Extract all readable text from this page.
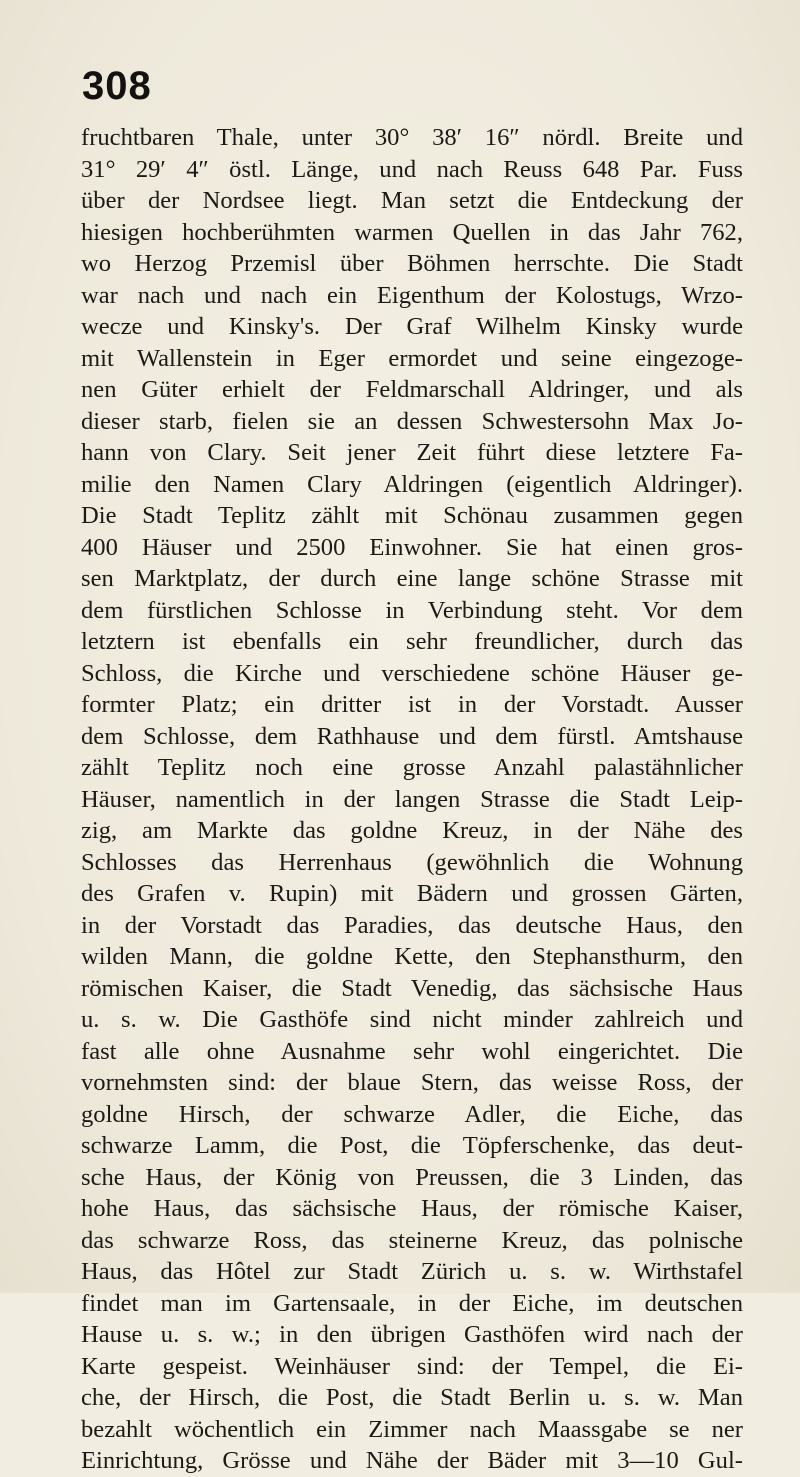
308
fruchtbaren Thale, unter 30° 38′ 16″ nördl. Breite und
31° 29′ 4″ östl. Länge, und nach Reuss 648 Par. Fuss
über der Nordsee liegt. Man setzt die Entdeckung der
hiesigen hochberühmten warmen Quellen in das Jahr 762,
wo Herzog Przemisl über Böhmen herrschte. Die Stadt
war nach und nach ein Eigenthum der Kolostugs, Wrzo-
wecze und Kinsky's. Der Graf Wilhelm Kinsky wurde
mit Wallenstein in Eger ermordet und seine eingezoge-
nen Güter erhielt der Feldmarschall Aldringer, und als
dieser starb, fielen sie an dessen Schwestersohn Max Jo-
hann von Clary. Seit jener Zeit führt diese letztere Fa-
milie den Namen Clary Aldringen (eigentlich Aldringer).
Die Stadt Teplitz zählt mit Schönau zusammen gegen
400 Häuser und 2500 Einwohner. Sie hat einen gros-
sen Marktplatz, der durch eine lange schöne Strasse mit
dem fürstlichen Schlosse in Verbindung steht. Vor dem
letztern ist ebenfalls ein sehr freundlicher, durch das
Schloss, die Kirche und verschiedene schöne Häuser ge-
formter Platz; ein dritter ist in der Vorstadt. Ausser
dem Schlosse, dem Rathhause und dem fürstl. Amtshause
zählt Teplitz noch eine grosse Anzahl palastähnlicher
Häuser, namentlich in der langen Strasse die Stadt Leip-
zig, am Markte das goldne Kreuz, in der Nähe des
Schlosses das Herrenhaus (gewöhnlich die Wohnung
des Grafen v. Rupin) mit Bädern und grossen Gärten,
in der Vorstadt das Paradies, das deutsche Haus, den
wilden Mann, die goldne Kette, den Stephansthurm, den
römischen Kaiser, die Stadt Venedig, das sächsische Haus
u. s. w. Die Gasthöfe sind nicht minder zahlreich und
fast alle ohne Ausnahme sehr wohl eingerichtet. Die
vornehmsten sind: der blaue Stern, das weisse Ross, der
goldne Hirsch, der schwarze Adler, die Eiche, das
schwarze Lamm, die Post, die Töpferschenke, das deut-
sche Haus, der König von Preussen, die 3 Linden, das
hohe Haus, das sächsische Haus, der römische Kaiser,
das schwarze Ross, das steinerne Kreuz, das polnische
Haus, das Hôtel zur Stadt Zürich u. s. w. Wirthstafel
findet man im Gartensaale, in der Eiche, im deutschen
Hause u. s. w.; in den übrigen Gasthöfen wird nach der
Karte gespeist. Weinhäuser sind: der Tempel, die Ei-
che, der Hirsch, die Post, die Stadt Berlin u. s. w. Man
bezahlt wöchentlich ein Zimmer nach Maassgabe se ner
Einrichtung, Grösse und Nähe der Bäder mit 3—10 Gul-
